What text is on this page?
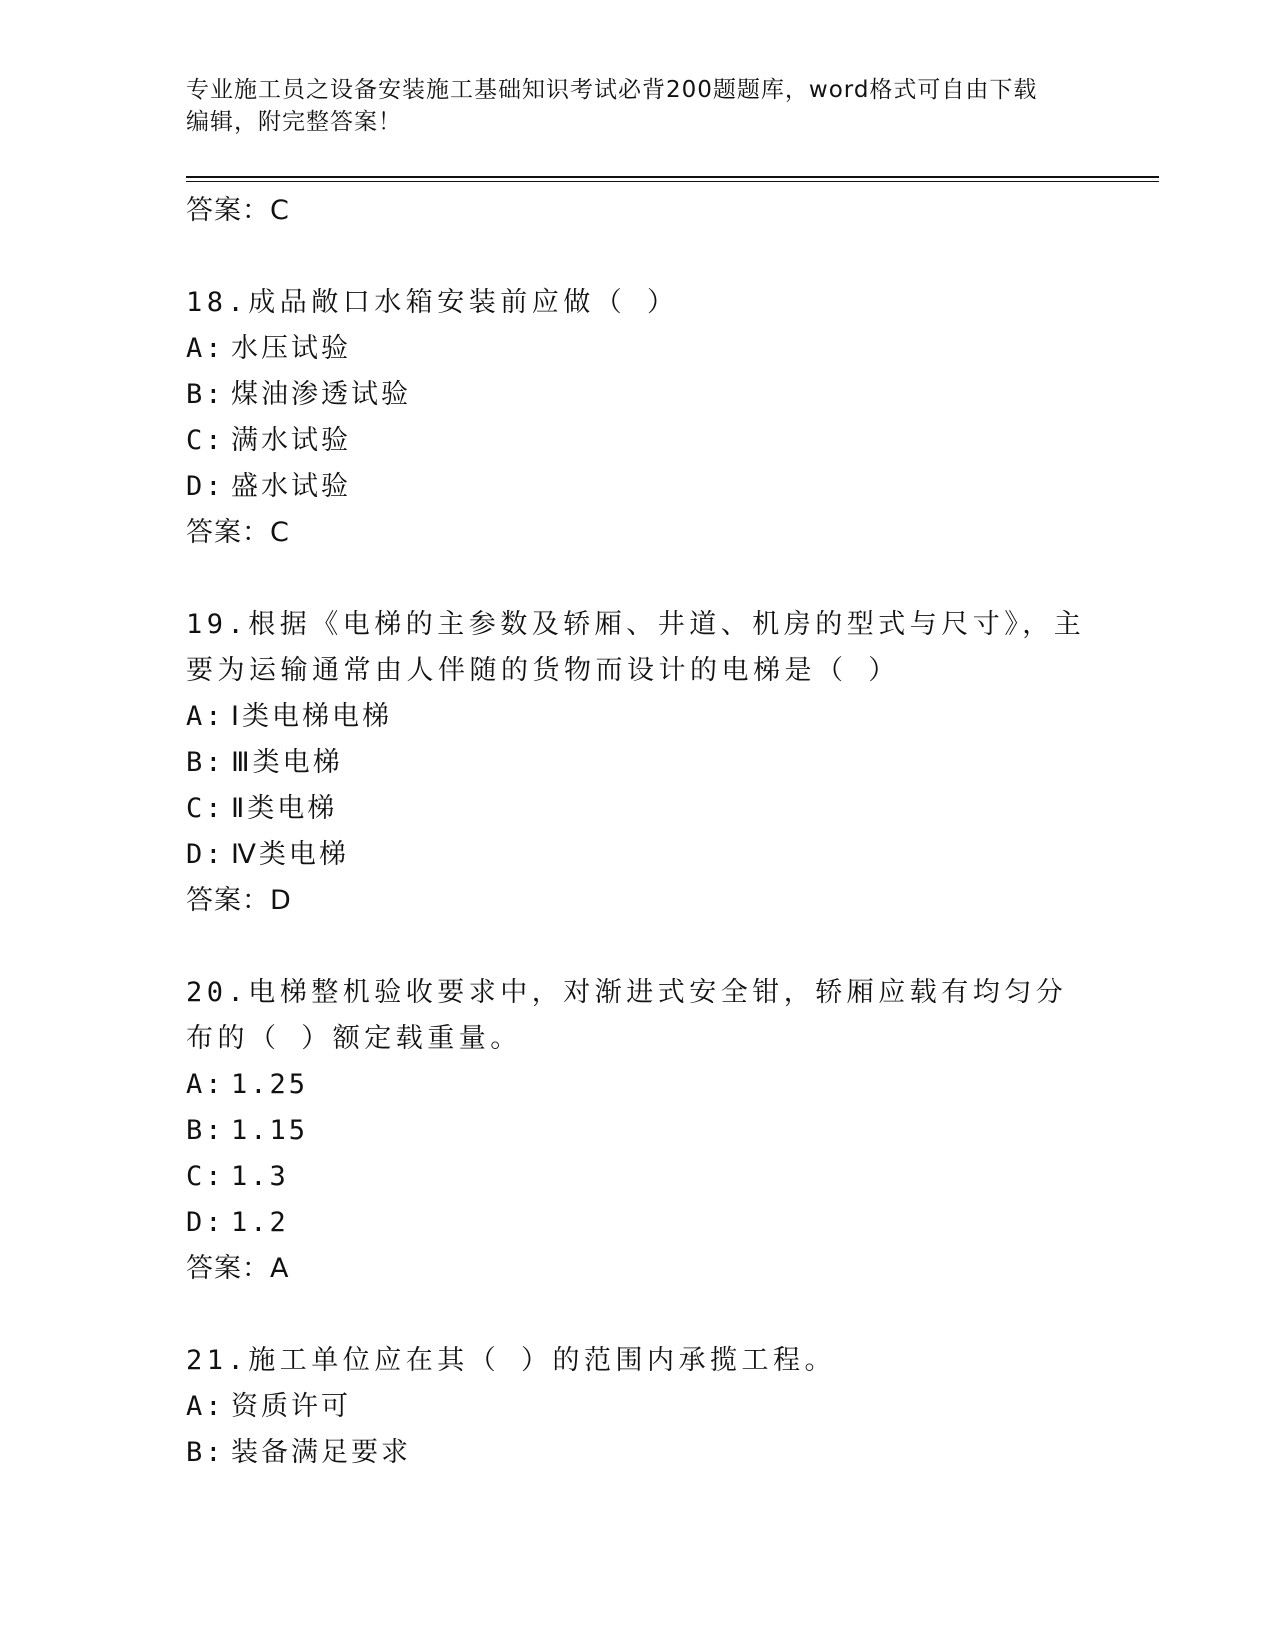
专业施工员之设备安装施工基础知识考试必背200题题库，word格式可自由下载
编辑，附完整答案！
答案：C
18.成品敞口水箱安装前应做（ ）
A: 水压试验
B: 煤油渗透试验
C: 满水试验
D: 盛水试验
答案：C
19.根据《电梯的主参数及轿厢、井道、机房的型式与尺寸》，主要为运输通常由人伴随的货物而设计的电梯是（ ）
A: Ⅰ类电梯电梯
B: Ⅲ类电梯
C: Ⅱ类电梯
D: Ⅳ类电梯
答案：D
20.电梯整机验收要求中，对渐进式安全钳，轿厢应载有均匀分布的（ ）额定载重量。
A: 1.25
B: 1.15
C: 1.3
D: 1.2
答案：A
21.施工单位应在其（ ）的范围内承揽工程。
A: 资质许可
B: 装备满足要求
